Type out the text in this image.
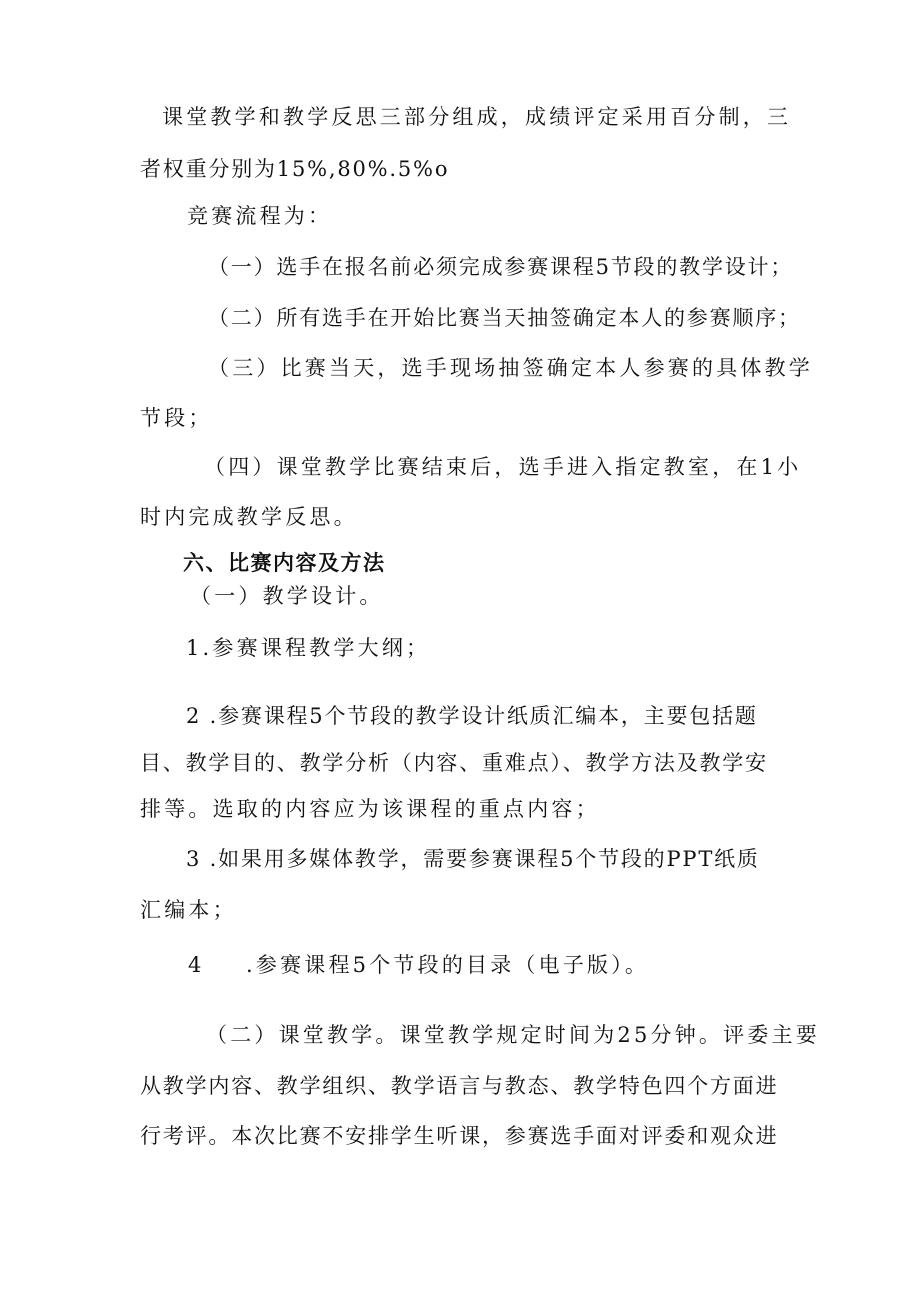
课堂教学和教学反思三部分组成，成绩评定采用百分制，三
者权重分别为15%,80%.5%o
竞赛流程为：
（一）选手在报名前必须完成参赛课程5节段的教学设计；
（二）所有选手在开始比赛当天抽签确定本人的参赛顺序；
（三）比赛当天，选手现场抽签确定本人参赛的具体教学
节段；
（四）课堂教学比赛结束后，选手进入指定教室，在1小
时内完成教学反思。
六、比赛内容及方法
（一）教学设计。
1.参赛课程教学大纲；
2 .参赛课程5个节段的教学设计纸质汇编本，主要包括题
目、教学目的、教学分析（内容、重难点）、教学方法及教学安
排等。选取的内容应为该课程的重点内容；
3 .如果用多媒体教学，需要参赛课程5个节段的PPT纸质
汇编本；
4 .参赛课程5个节段的目录（电子版）。
（二）课堂教学。课堂教学规定时间为25分钟。评委主要
从教学内容、教学组织、教学语言与教态、教学特色四个方面进
行考评。本次比赛不安排学生听课，参赛选手面对评委和观众进
